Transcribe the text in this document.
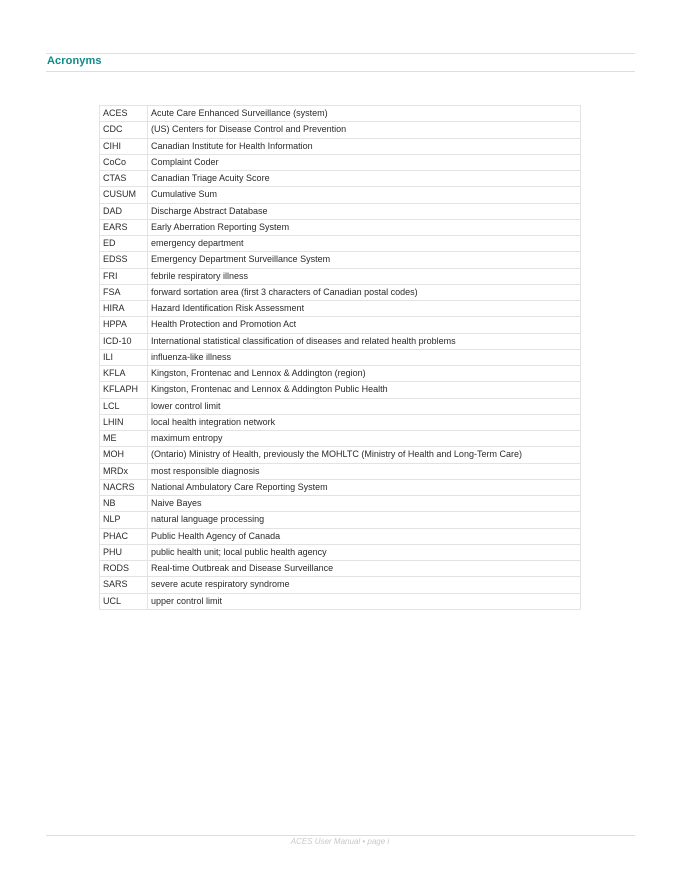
Acronyms
ACES	Acute Care Enhanced Surveillance (system)
CDC	(US) Centers for Disease Control and Prevention
CIHI	Canadian Institute for Health Information
CoCo	Complaint Coder
CTAS	Canadian Triage Acuity Score
CUSUM	Cumulative Sum
DAD	Discharge Abstract Database
EARS	Early Aberration Reporting System
ED	emergency department
EDSS	Emergency Department Surveillance System
FRI	febrile respiratory illness
FSA	forward sortation area (first 3 characters of Canadian postal codes)
HIRA	Hazard Identification Risk Assessment
HPPA	Health Protection and Promotion Act
ICD-10	International statistical classification of diseases and related health problems
ILI	influenza-like illness
KFLA	Kingston, Frontenac and Lennox & Addington (region)
KFLAPH	Kingston, Frontenac and Lennox & Addington Public Health
LCL	lower control limit
LHIN	local health integration network
ME	maximum entropy
MOH	(Ontario) Ministry of Health, previously the MOHLTC (Ministry of Health and Long-Term Care)
MRDx	most responsible diagnosis
NACRS	National Ambulatory Care Reporting System
NB	Naive Bayes
NLP	natural language processing
PHAC	Public Health Agency of Canada
PHU	public health unit; local public health agency
RODS	Real-time Outbreak and Disease Surveillance
SARS	severe acute respiratory syndrome
UCL	upper control limit
ACES User Manual • page i
